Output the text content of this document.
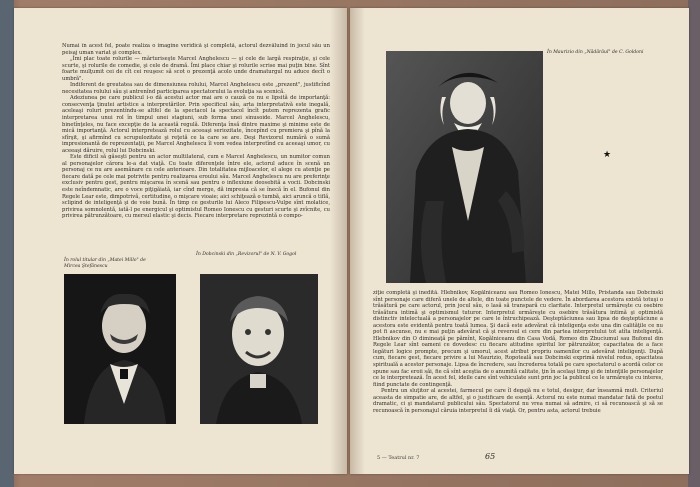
Numai în acest fel, poate realiza o imagine veridică şi completă, actorul dezvăluind în jocul său un peisaj uman variat şi complex.

„Îmi plac toate rolurile — mărturiseşte Marcel Anghelescu — şi cele de largă respiraţie, şi cele scurte, şi rolurile de comedie, şi cele de dramă. Îmi place chiar şi rolurile scrise mai puţin bine. Sînt foarte mulţumit cei de cît cei reuşesc să scot o prezenţă acolo unde dramaturgul nu aduce decît o umbră".

Indiferent de greutatea sau de dimensiunea rolului, Marcel Anghelescu este „prezent", justificînd necesitatea rolului său şi antrenînd participarea spectatorului la evoluţia sa scenică.

Adeziunea pe care publicul i-o dă acestui actor mai are o cauză ce nu e lipsită de importanţă: consecvenţa ţinutei artistice a interpretărilor. Prin specificul său, arta interpretativă este inegală, aceleaşi roluri prezentîndu-se altfel de la spectacol la spectacol încît putem reprezenta grafic interpretarea unui rol în timpul unei stagiuni, sub forma unei sinusoide. Marcel Anghelescu, binetînţeles, nu face excepţie de la această regulă. Diferenţa însă dintre maxime şi minime este de mică importanţă. Actorul interpretează rolul cu aceeaşi seriozitate, începînd cu premiera şi pînă la sfîrşit, şi afirmînd cu scrupulozitate şi reţetă ce la care se are. Deşi Revizorul numără o sumă impresionantă de reprezentaţii, pe Marcel Anghelescu îl vom vedea interpretînd cu aceeaşi umor, cu aceeaşi dăruire, rolul lui Dobcinski.

Este dificil să găseşti pentru un actor multilateral, cum e Marcel Anghelescu, un numitor comun al personajelor cărora le-a dat viaţă. Cu toate diferenţele între ele, actorul aduce în scenă un personaj ce nu are asemănare cu cele anterioare. Din totalitatea mijloacelor, el alege cu atenţie pe fiecare dată pe cele mai potrivite pentru realizarea eroului său. Marcel Anghelescu nu are preferinţe exclusiv pentru gest, pentru mişcarea în scenă sau pentru o inflexiune deosebită a vocii. Dobcinski este neîndemnatic, are o voce piţigăiată, iar cînd merge, dă impresia că se înecă în el. Bufonul din Regele Lear este, dimpotrivă, certitudine, o mişcare vioaie; aici schiţează o tumbă, aici aruncă o tiflă, sclipind de inteligenţă şi de voie bună. În timp ce gesturile lui Aleco Filipescu-Vulpe sînt molatice, privirea somnolentă, iată-l pe energicul şi optimistul Romeo Ionescu cu gesturi scurte şi zvîcnite, cu privirea pătrunzătoare, cu mersul elastic şi decis. Fiecare interpretare reprezintă o compo-

În rolul titular din „Matei Millo" de Mircea Ştefănescu
În Dobcinski din „Revizorul" de N. V. Gogol
În Maurizio din „Nădărăul" de C. Goldoni
★

ziţie completă şi inedită. Hlebnikov, Kogălniceanu sau Romeo Ionescu, Matei Millo, Pristanda sau Dobcinski sînt personaje care diferă unele de altele, din toate punctele de vedere. În abordarea acestora există totuşi o trăsătură pe care actorul, prin jocul său, o lasă să transpară cu claritate. Interpretul urmăreşte cu osebire trăsătura intimă şi optimismul tuturor. Interpretul urmăreşte cu osebire trăsătura intimă şi optimistă distinctiv intelectuală a personajelor pe care le întruchipează. Deşteptăciunea sau lipsa de deşteptăciune a acestora este evidentă pentru toată lumea. Şi dacă este adevărat că inteligenţa este una din calităţile ce nu pot fi ascunse, nu e mai puţin adevărat că şi reversul ei cere din partea interpretului tot atîta inteligenţă. Hlebnikov din O dimineaţă pe pămînt, Kogălniceanu din Casa Vodă, Romeo din Zbuciumul sau Bufonul din Regele Lear sînt oameni ce dovedesc cu fiecare atitudine spiritul lor pătrunzător, capacitatea de a face legături logice prompte, precum şi umorul, acest atribut propriu oamenilor cu adevărat inteligenţi. După cum, fiecare gest, fiecare privire a lui Maurizio, Ropoteală sau Dobcinski exprimă nivelul redus, opacitatea spirituală a acestor personaje. Lipsa de încredere, sau încrederea totală pe care spectatorul o acordă celor ce spune sau fac eroii săi, fie că sînt aceştia de o anumită calitate, ţin în acelaşi timp şi de intenţiile personajelor ce le interpretează. În acest fel, ideile care sînt vehiculate sunt prin joc la publicul ce le urmăreşte cu interes, fiind punctate de contingenţă.

Pentru un sluţitor al acestei, farmecul pe care îl degajă nu e totul, desigur, dar înseamnă mult. Criteriul aceasta de simpatie are, de altfel, şi o justificare de esenţă. Actorul nu este numai mandatar fată de poetul dramatic, ci şi mandatarul publicului său. Spectatorul nu vrea numai să admire, ci să recunoască şi să se recunoască în personajul căruia interpretul îi dă viaţă. Or, pentru asta, actorul trebuie

5 — Teatrul nr. 7	65
